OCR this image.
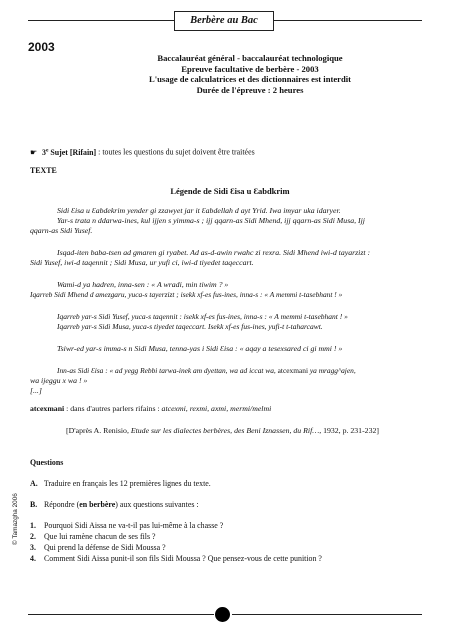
Berbère au Bac
2003
Baccalauréat général - baccalauréat technologique
Epreuve facultative de berbère - 2003
L'usage de calculatrices et des dictionnaires est interdit
Durée de l'épreuve : 2 heures
☛ 3e Sujet [Rifain] : toutes les questions du sujet doivent être traitées
TEXTE
Légende de Sidi Ɛisa u Ɛabdkrim
Sidi Ɛisa u Ɛabdekrim yender gi zzawyet jar it Ɛabdellah d ayt Yrid. Iwa imyar uka idaryer.
Yar-s trata n ddarwa-ines, kul ijjen s yimma-s ; ijj qqarn-as Sidi Mhend, ijj qqarn-as Sidi Musa, Ijj
qqarn-as Sidi Yusef.
Isqad-iten baba-tsen ad gmaren gi ryabet. Ad as-d-awin rwahc zi rexra. Sidi Mhend iwi-d tayarzizt :
Sidi Yusef, iwi-d taqennit ; Sidi Musa, ur yufi ci, iwi-d tiyedet taqeccart.
Wami-d ya hadren, inna-sen : « A wradi, min tiwim ? »
Iqarreb Sidi Mhend d amezgaru, yuca-s tayerzizt ; isekk xf-es fus-ines, inna-s : « A memmi t-tasebhant ! »
Iqarreb yar-s Sidi Yusef, yuca-s taqennit : isekk xf-es fus-ines, inna-s : « A memmi t-tasebhant ! »
Iqarreb yar-s Sidi Musa, yuca-s tiyedet taqeccart. Isekk xf-es fus-ines, yufi-t t-taharcawt.
Tsiwr-ed yar-s imma-s n Sidi Musa, tenna-yas i Sidi Ɛisa : « aqay a tesexsared ci gi mmi ! »
Inn-as Sidi Ɛisa : « ad yegg Rebbi tarwa-inek am dyettan, wa ad iccat wa, atcexmani ya mragg^ajen,
wa ijeggu x wa ! »
[...]
atcexmani : dans d'autres parlers rifains : atcexmi, rexmi, axmi, mermi/melmi
[D'après A. Renisio, Etude sur les dialectes berbères, des Beni Iznassen, du Rif…, 1932, p. 231-232]
Questions
A. Traduire en français les 12 premières lignes du texte.
B. Répondre (en berbère) aux questions suivantes :
1. Pourquoi Sidi Aissa ne va-t-il pas lui-même à la chasse ?
2. Que lui ramène chacun de ses fils ?
3. Qui prend la défense de Sidi Moussa ?
4. Comment Sidi Aissa punit-il son fils Sidi Moussa ? Que pensez-vous de cette punition ?
© Tamazgha 2006
